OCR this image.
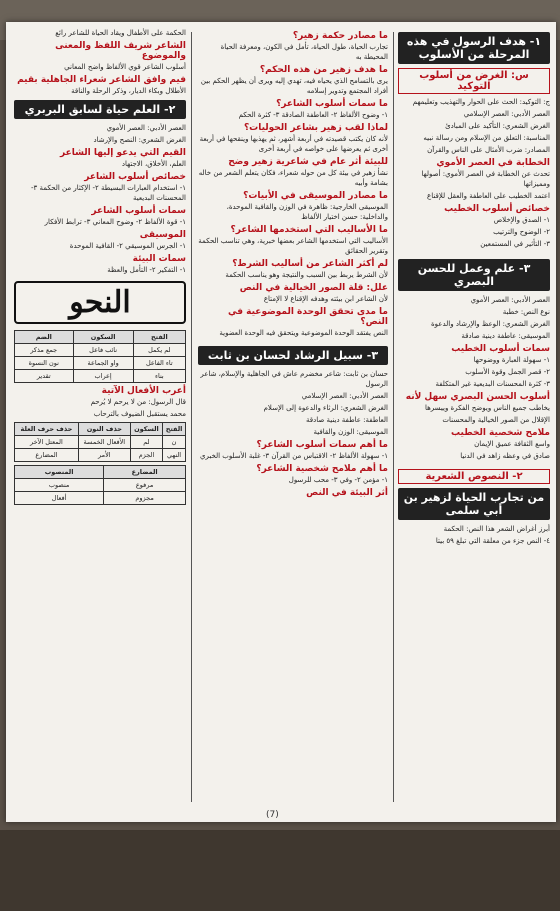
١- هدف الرسول في هذه المرحلة من الأسلوب
س: الغرض من أسلوب التوكيد

ج: التوكيد: الحث على الحوار والتهذيب وتعليمهم

العصر الأدبي: العصر الإسلامي

الغرض الشعري: التأكيد على المبادئ

المناسبة: التعلق من الإسلام ومن رسالة نبيه

المصادر: ضرب الأمثال على الناس والقرآن

الخطابة في العصر الأموي

تحدث عن الخطابة في العصر الأموي: أصولها ومميزاتها

اعتمد الخطيب على العاطفة والعقل للإقناع

خصائص أسلوب الخطيب

١- الصدق والإخلاص

٢- الوضوح والترتيب

٣- التأثير في المستمعين

٣- علم وعمل للحسن البصري

العصر الأدبي: العصر الأموي

نوع النص: خطبة

الغرض الشعري: الوعظ والإرشاد والدعوة

الموسيقى: عاطفة دينية صادقة

سمات أسلوب الخطيب

١- سهولة العبارة ووضوحها

٢- قصر الجمل وقوة الأسلوب

٣- كثرة المحسنات البديعية غير المتكلفة

أسلوب الحسن البصري سهل لأنه

يخاطب جميع الناس ويوضح الفكرة وييسرها

الإقلال من الصور الخيالية والمحسنات

ملامح شخصية الخطيب

واسع الثقافة عميق الإيمان

صادق في وعظه زاهد في الدنيا

٢- النصوص الشعرية
من تجارب الحياة لزهير بن أبي سلمى

أبرز أغراض الشعر هذا النص: الحكمة

٤- النص جزء من معلقة التي تبلغ ٥٩ بيتا

ما مصادر حكمة زهير؟

تجارب الحياة، طول الحياة، تأمل في الكون، ومعرفة الحياة المحيطة به

ما هدف زهير من هذه الحكم؟

يرى بالتسامح الذي يحياه فيه، تهدي إليه ويرى أن يظهر الحكم بين أفراد المجتمع وتدوير إسلامه

ما سمات أسلوب الشاعر؟

١- وضوح الألفاظ ٢- العاطفة الصادقة ٣- كثرة الحكم

لماذا لقب زهير بشاعر الحوليات؟

لأنه كان يكتب قصيدته في أربعة أشهر، ثم يهذبها وينقحها في أربعة أخرى ثم يعرضها على خواصه في أربعة أخرى

للبيئة أثر عام في شاعرية زهير وضح

نشأ زهير في بيئة كل من حوله شعراء، فكان يتعلم الشعر من خاله بشامة وأبيه

ما مصادر الموسيقى في الأبيات؟

الموسيقى الخارجية: ظاهرة في الوزن والقافية الموحدة، والداخلية: حسن اختيار الألفاظ

ما الأساليب التي استخدمها الشاعر؟

الأساليب التي استخدمها الشاعر بعضها خبرية، وهي تناسب الحكمة وتقرير الحقائق

لم أكثر الشاعر من أساليب الشرط؟

لأن الشرط يربط بين السبب والنتيجة وهو يناسب الحكمة

علل: قلة الصور الخيالية في النص

لأن الشاعر ابن بيئته وهدفه الإقناع لا الإمتاع

ما مدى تحقق الوحدة الموضوعية في النص؟

النص يفتقد الوحدة الموضوعية ويتحقق فيه الوحدة العضوية

٣- سبيل الرشاد لحسان بن ثابت

حسان بن ثابت: شاعر مخضرم عاش في الجاهلية والإسلام، شاعر الرسول

العصر الأدبي: العصر الإسلامي

الغرض الشعري: الرثاء والدعوة إلى الإسلام

العاطفة: عاطفة دينية صادقة

الموسيقى: الوزن والقافية

ما أهم سمات أسلوب الشاعر؟

١- سهولة الألفاظ ٢- الاقتباس من القرآن ٣- غلبة الأسلوب الخبري

ما أهم ملامح شخصية الشاعر؟

١- مؤمن ٢- وفي ٣- محب للرسول

أثر البيئة في النص

الحكمة على الأطفال ويقاد الحياة للشاعر رائع

الشاعر شريف اللفظ والمعنى والموضوع

أسلوب الشاعر قوي الألفاظ واضح المعاني

فيم وافق الشاعر شعراء الجاهلية بقيم

الأطلال وبكاء الديار، وذكر الرحلة والناقة

٢- العلم حياة لسابق البربري

العصر الأدبي: العصر الأموي

الغرض الشعري: النصح والإرشاد

القيم التي يدعو إليها الشاعر

العلم، الأخلاق، الاجتهاد

خصائص أسلوب الشاعر

١- استخدام العبارات البسيطة ٢- الإكثار من الحكمة ٣- المحسنات البديعية

سمات أسلوب الشاعر

١- قوة الألفاظ ٢- وضوح المعاني ٣- ترابط الأفكار

الموسيقى

١- الجرس الموسيقي ٢- القافية الموحدة

سمات البيئة

١- التفكير ٢- التأمل والعظة

النحو
الفتح	السكون	الضم
لم يكمل	نائب فاعل	جمع مذكر
تاء الفاعل	واو الجماعة	نون النسوة
بناء	إعراب	تقدير
أعرب الأفعال الآتية

قال الرسول: من لا يرحم لا يُرحم

محمد يستقبل الضيوف بالترحاب

الفتح	السكون	حذف النون	حذف حرف العلة
ن	لم	الأفعال الخمسة	المعتل الآخر
النهي	الجزم	الأمر	المضارع
المضارع	المنصوب
مرفوع	منصوب
مجزوم	أفعال
(7)
